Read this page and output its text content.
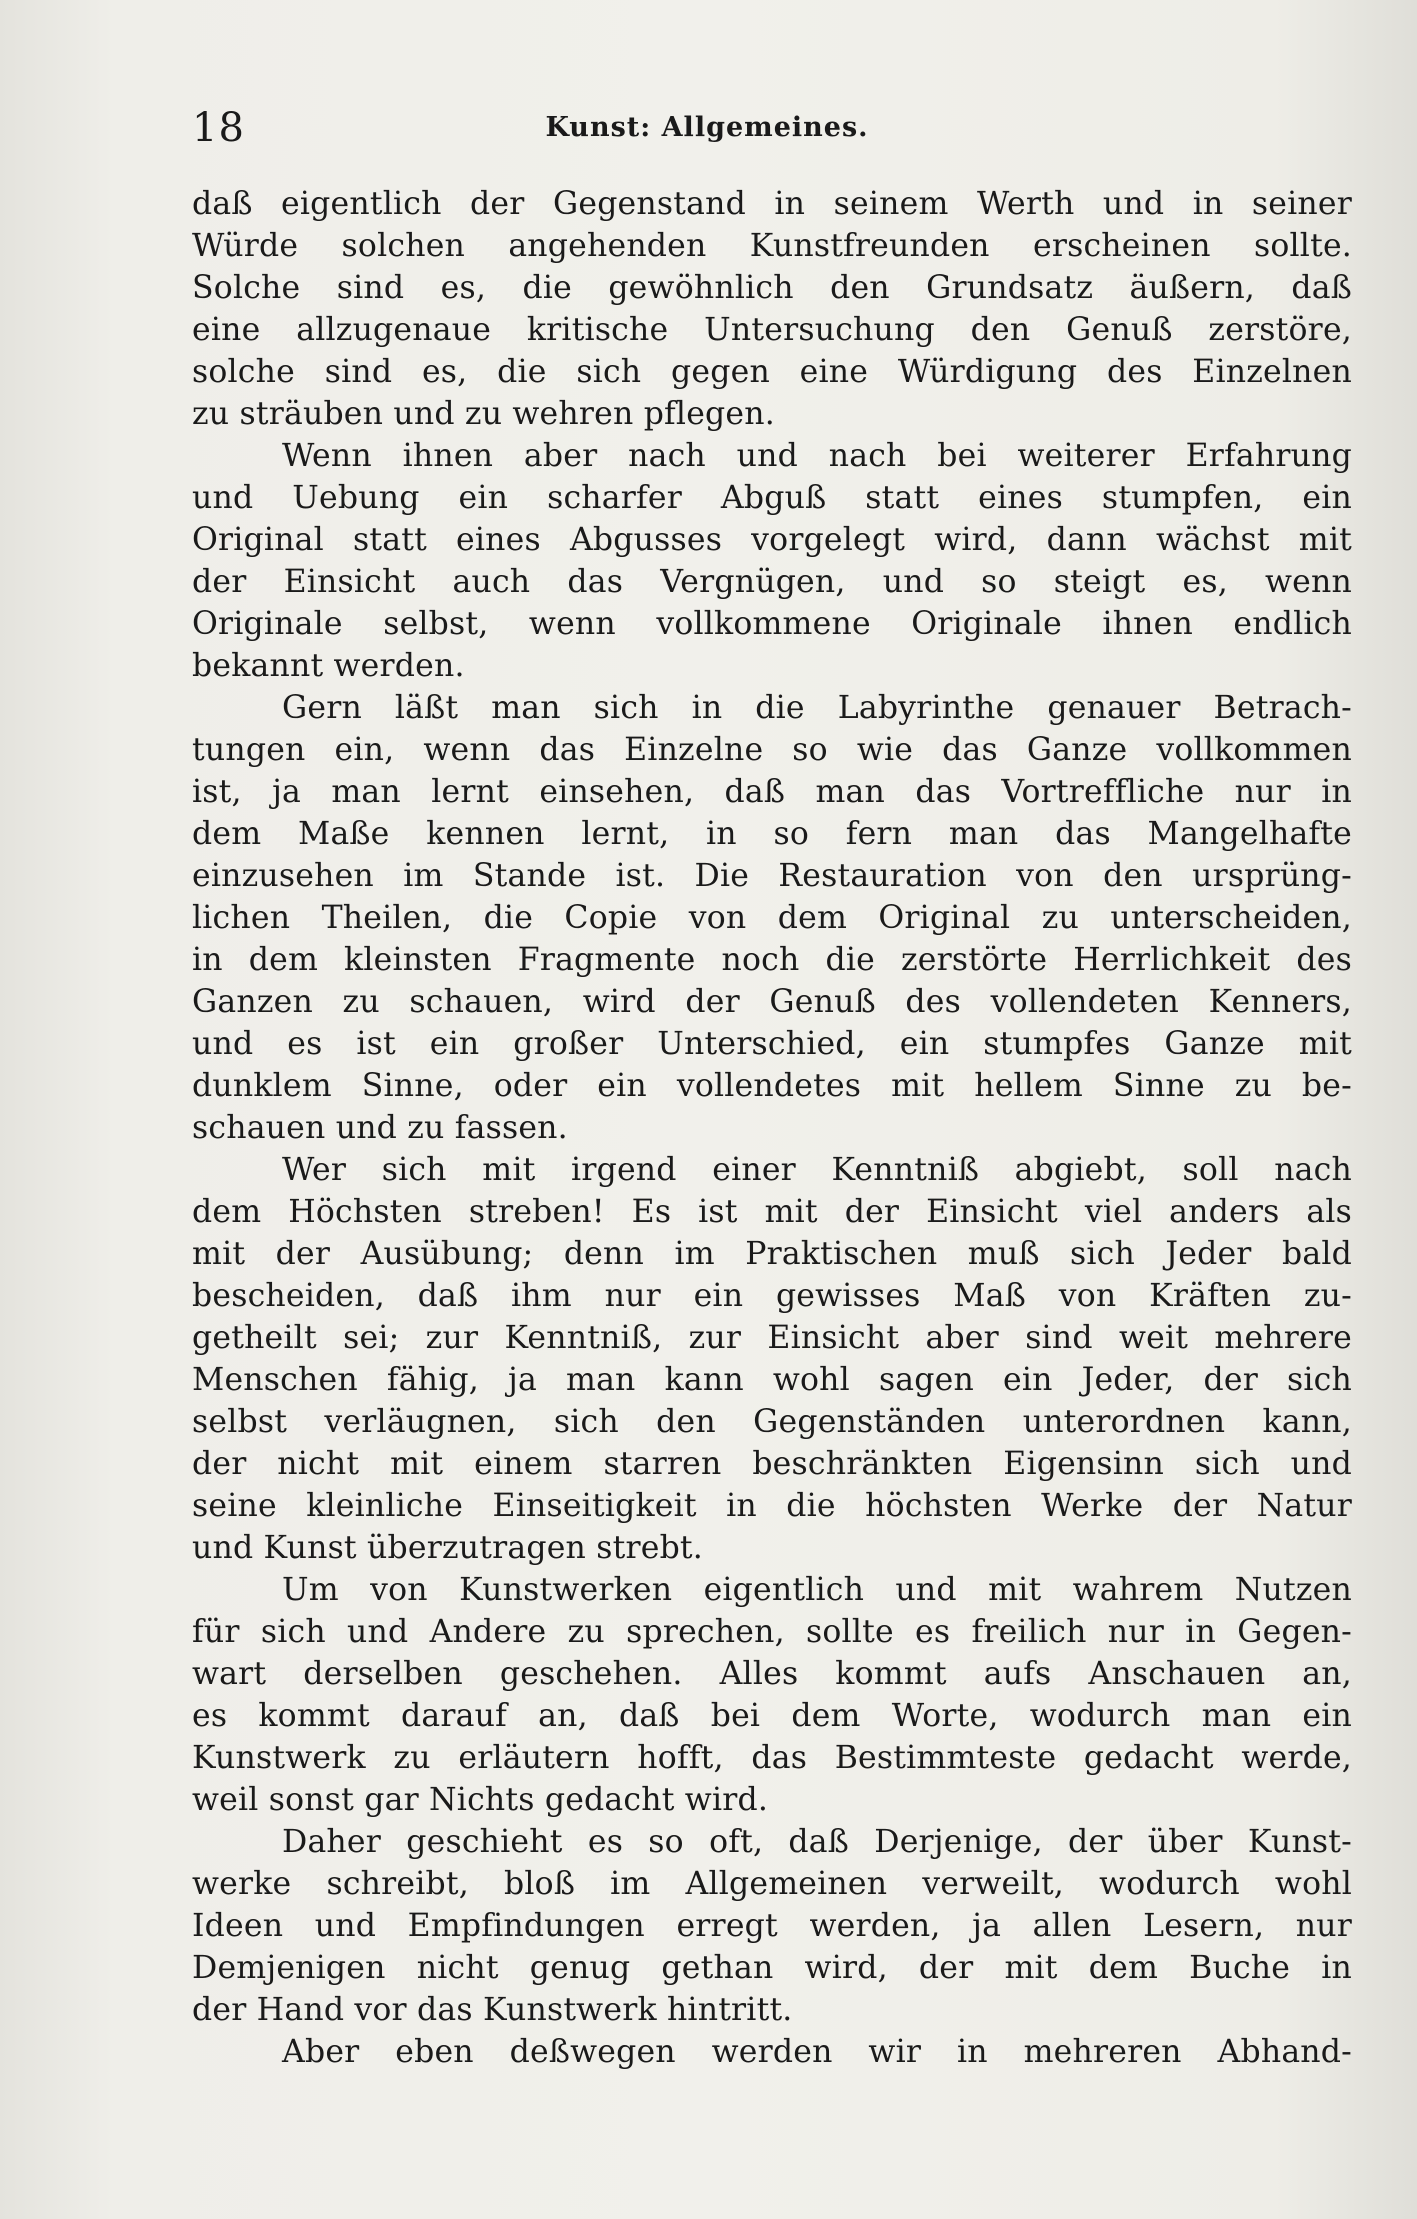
18	Kunst: Allgemeines.
daß eigentlich der Gegenstand in seinem Werth und in seiner
Würde solchen angehenden Kunstfreunden erscheinen sollte.
Solche sind es, die gewöhnlich den Grundsatz äußern, daß
eine allzugenaue kritische Untersuchung den Genuß zerstöre,
solche sind es, die sich gegen eine Würdigung des Einzelnen
zu sträuben und zu wehren pflegen.
Wenn ihnen aber nach und nach bei weiterer Erfahrung
und Uebung ein scharfer Abguß statt eines stumpfen, ein
Original statt eines Abgusses vorgelegt wird, dann wächst mit
der Einsicht auch das Vergnügen, und so steigt es, wenn
Originale selbst, wenn vollkommene Originale ihnen endlich
bekannt werden.
Gern läßt man sich in die Labyrinthe genauer Betrach-
tungen ein, wenn das Einzelne so wie das Ganze vollkommen
ist, ja man lernt einsehen, daß man das Vortreffliche nur in
dem Maße kennen lernt, in so fern man das Mangelhafte
einzusehen im Stande ist. Die Restauration von den ursprüng-
lichen Theilen, die Copie von dem Original zu unterscheiden,
in dem kleinsten Fragmente noch die zerstörte Herrlichkeit des
Ganzen zu schauen, wird der Genuß des vollendeten Kenners,
und es ist ein großer Unterschied, ein stumpfes Ganze mit
dunklem Sinne, oder ein vollendetes mit hellem Sinne zu be-
schauen und zu fassen.
Wer sich mit irgend einer Kenntniß abgiebt, soll nach
dem Höchsten streben! Es ist mit der Einsicht viel anders als
mit der Ausübung; denn im Praktischen muß sich Jeder bald
bescheiden, daß ihm nur ein gewisses Maß von Kräften zu-
getheilt sei; zur Kenntniß, zur Einsicht aber sind weit mehrere
Menschen fähig, ja man kann wohl sagen ein Jeder, der sich
selbst verläugnen, sich den Gegenständen unterordnen kann,
der nicht mit einem starren beschränkten Eigensinn sich und
seine kleinliche Einseitigkeit in die höchsten Werke der Natur
und Kunst überzutragen strebt.
Um von Kunstwerken eigentlich und mit wahrem Nutzen
für sich und Andere zu sprechen, sollte es freilich nur in Gegen-
wart derselben geschehen. Alles kommt aufs Anschauen an,
es kommt darauf an, daß bei dem Worte, wodurch man ein
Kunstwerk zu erläutern hofft, das Bestimmteste gedacht werde,
weil sonst gar Nichts gedacht wird.
Daher geschieht es so oft, daß Derjenige, der über Kunst-
werke schreibt, bloß im Allgemeinen verweilt, wodurch wohl
Ideen und Empfindungen erregt werden, ja allen Lesern, nur
Demjenigen nicht genug gethan wird, der mit dem Buche in
der Hand vor das Kunstwerk hintritt.
Aber eben deßwegen werden wir in mehreren Abhand-
